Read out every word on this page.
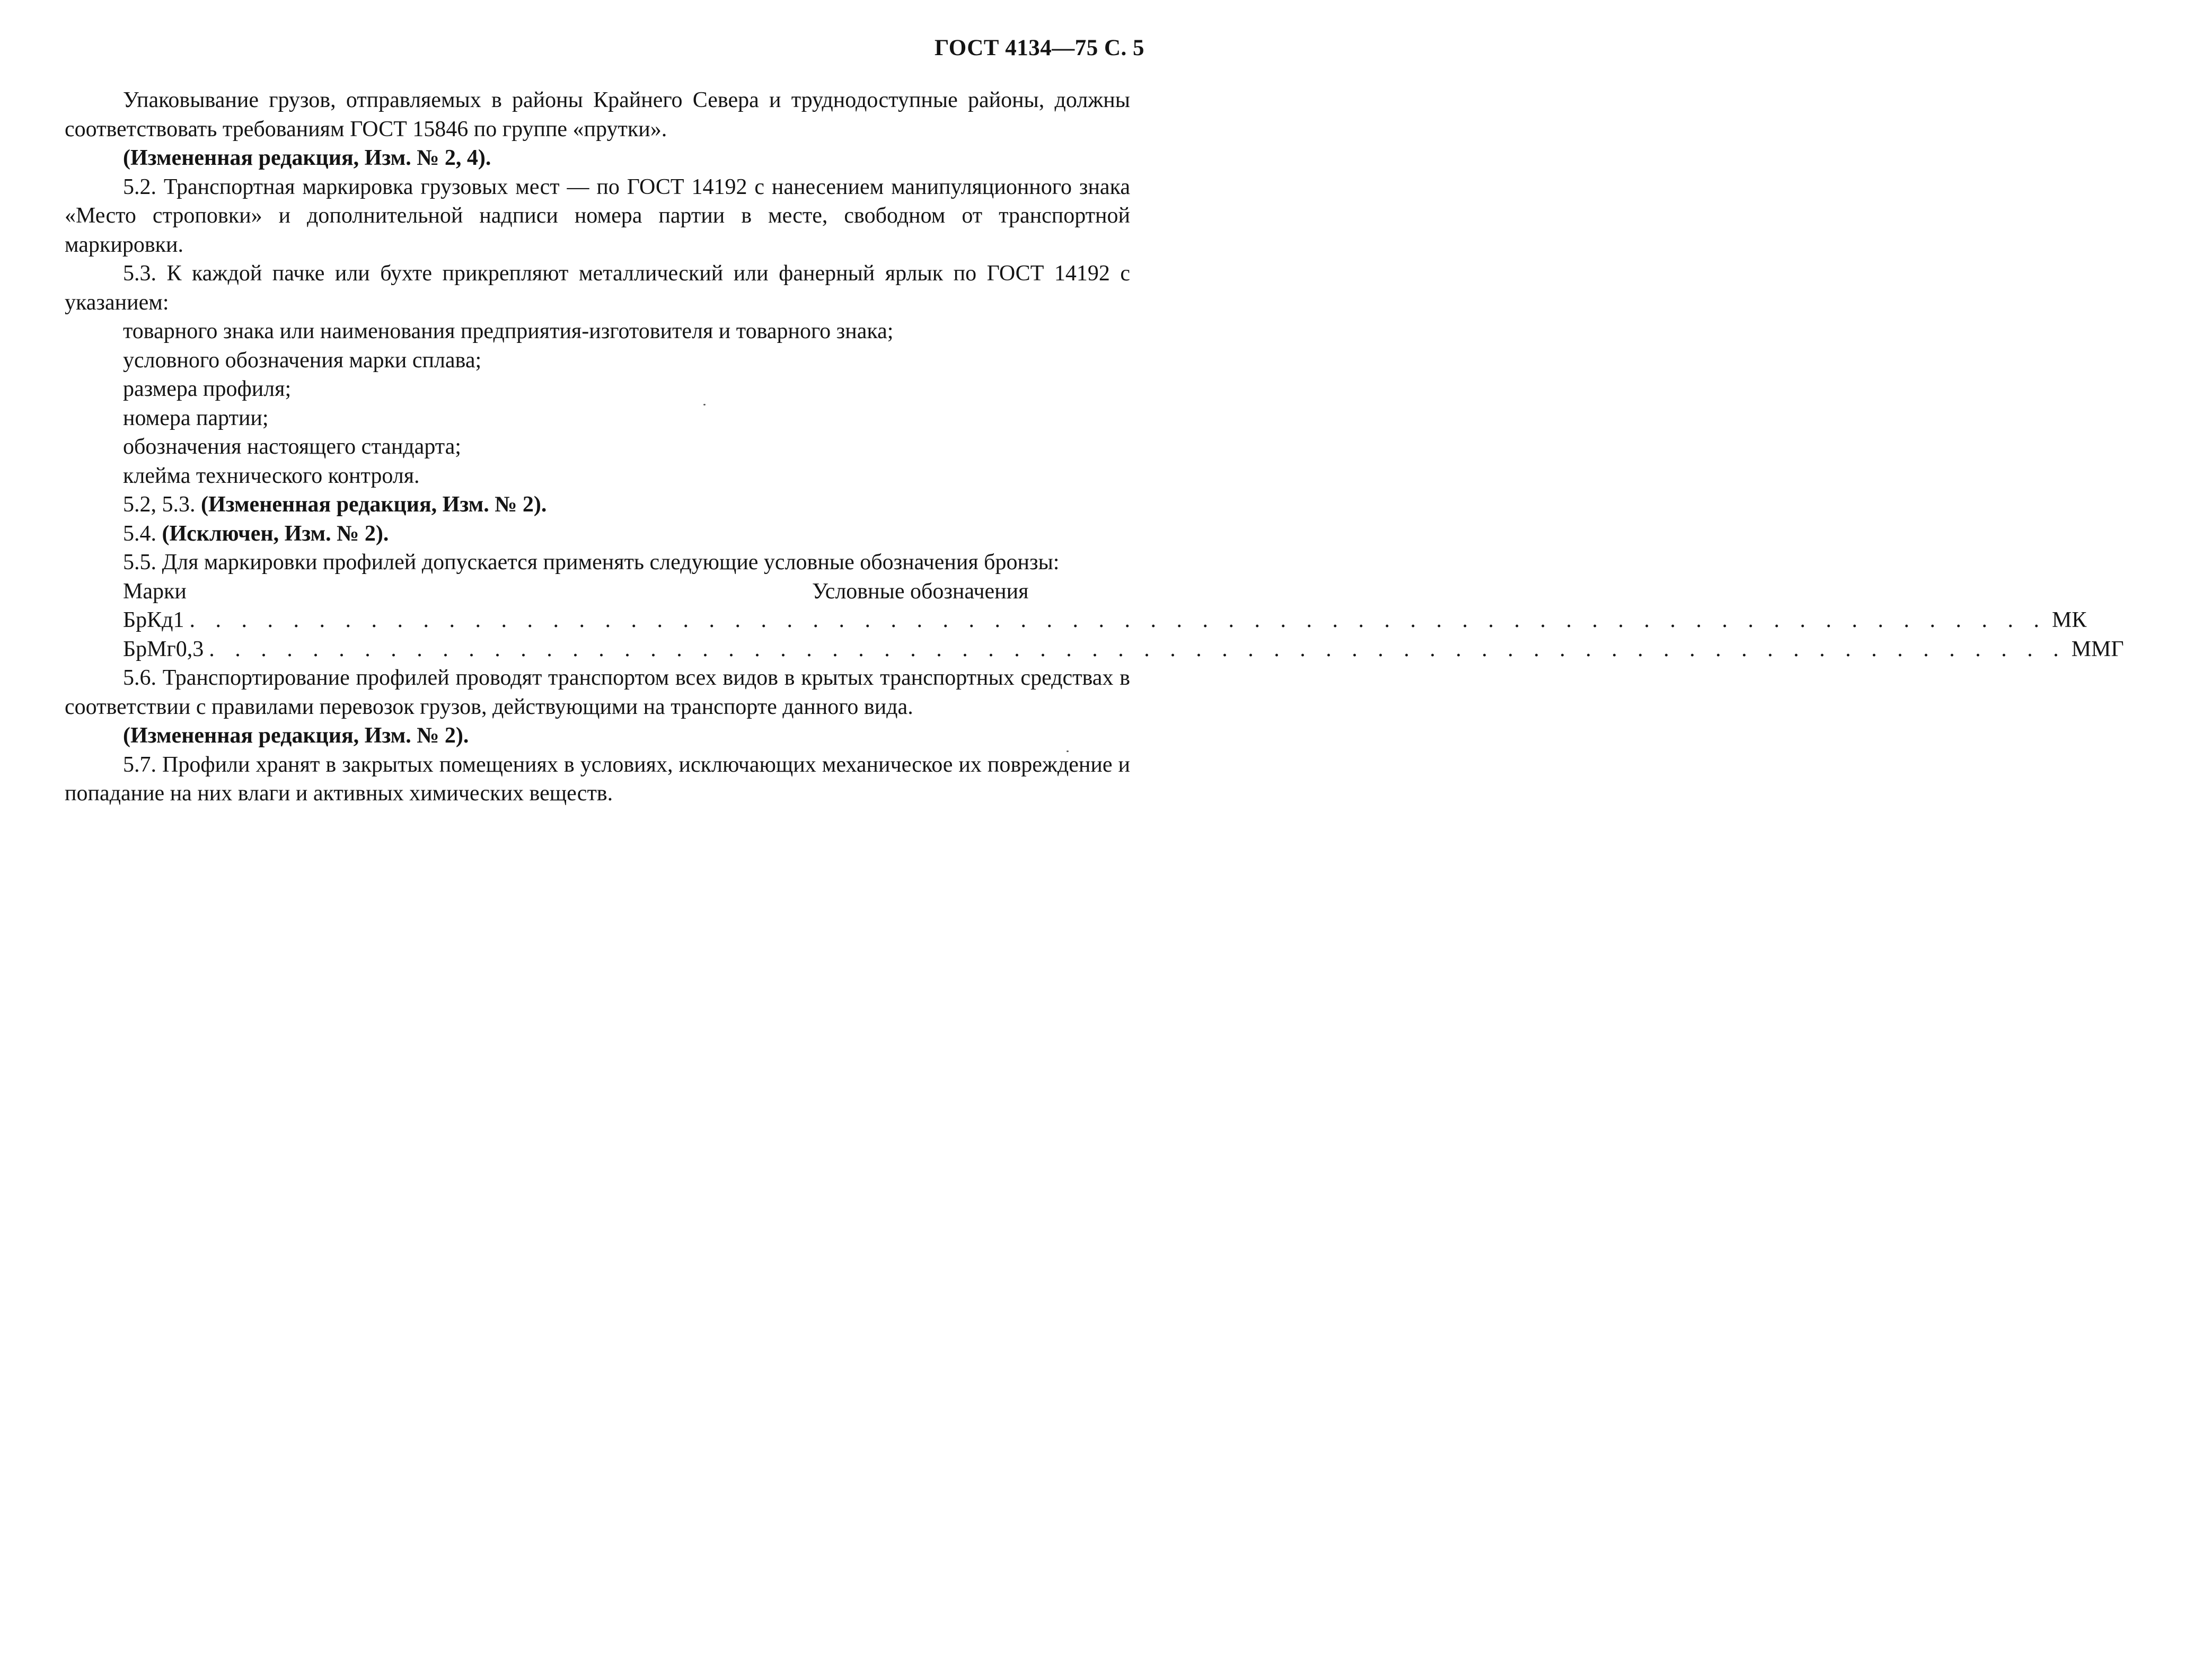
ГОСТ 4134—75 С. 5

Упаковывание грузов, отправляемых в районы Крайнего Севера и труднодоступные районы, должны соответствовать требованиям ГОСТ 15846 по группе «прутки».

(Измененная редакция, Изм. № 2, 4).

5.2. Транспортная маркировка грузовых мест — по ГОСТ 14192 с нанесением манипуляционного знака «Место строповки» и дополнительной надписи номера партии в месте, свободном от транспортной маркировки.

5.3. К каждой пачке или бухте прикрепляют металлический или фанерный ярлык по ГОСТ 14192 с указанием:

товарного знака или наименования предприятия-изготовителя и товарного знака;

условного обозначения марки сплава;

размера профиля;

номера партии;

обозначения настоящего стандарта;

клейма технического контроля.

5.2, 5.3. (Измененная редакция, Изм. № 2).

5.4. (Исключен, Изм. № 2).

5.5. Для маркировки профилей допускается применять следующие условные обозначения бронзы:

Марки	Условные обозначения
БрКд1 . . . . . . . . . . . . . . . . . . . . . . . . . . . . . . . . . . . . . . . . . . . . . . . . . . . . . . . . . . . . . . . . . . . . . . . . МК
БрМг0,3 . . . . . . . . . . . . . . . . . . . . . . . . . . . . . . . . . . . . . . . . . . . . . . . . . . . . . . . . . . . . . . . . . . . . . . . . ММГ

5.6. Транспортирование профилей проводят транспортом всех видов в крытых транспортных средствах в соответствии с правилами перевозок грузов, действующими на транспорте данного вида.

(Измененная редакция, Изм. № 2).

5.7. Профили хранят в закрытых помещениях в условиях, исключающих механическое их повреждение и попадание на них влаги и активных химических веществ.
